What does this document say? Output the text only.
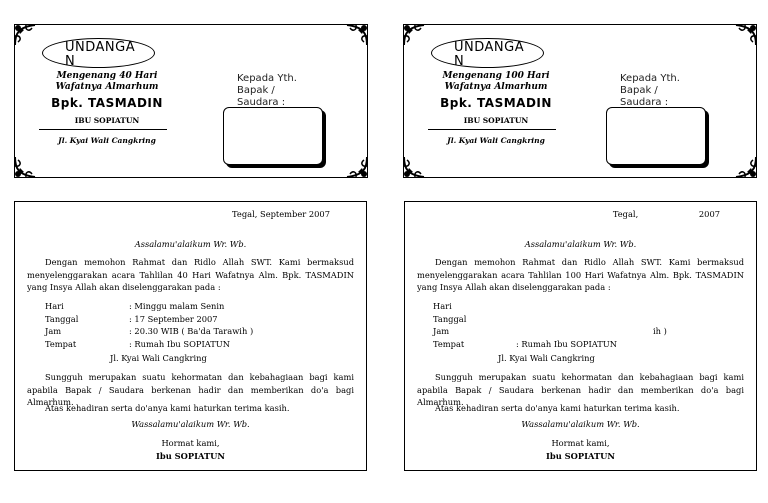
UNDANGAN
Mengenang 40 Hari
Wafatnya Almarhum
Bpk. TASMADIN
IBU SOPIATUN
Jl. Kyai Wali Cangkring
Kepada Yth.
Bapak /
Saudara :
UNDANGAN
Mengenang 100 Hari
Wafatnya Almarhum
Bpk. TASMADIN
IBU SOPIATUN
Jl. Kyai Wali Cangkring
Kepada Yth.
Bapak /
Saudara :
Tegal, September 2007
Assalamu'alaikum Wr. Wb.
Dengan memohon Rahmat dan Ridlo Allah SWT. Kami bermaksud menyelenggarakan acara Tahlilan 40 Hari Wafatnya Alm. Bpk. TASMADIN yang Insya Allah akan diselenggarakan pada :
Hari	: Minggu malam Senin
Tanggal	: 17 September 2007
Jam	: 20.30 WIB ( Ba'da Tarawih )
Tempat	: Rumah Ibu SOPIATUN
Jl. Kyai Wali Cangkring
Sungguh merupakan suatu kehormatan dan kebahagiaan bagi kami apabila Bapak / Saudara berkenan hadir dan memberikan do'a bagi Almarhum.
Atas kehadiran serta do'anya kami haturkan terima kasih.
Wassalamu'alaikum Wr. Wb.
Hormat kami,
Ibu SOPIATUN
Tegal,                       2007
Assalamu'alaikum Wr. Wb.
Dengan memohon Rahmat dan Ridlo Allah SWT. Kami bermaksud menyelenggarakan acara Tahlilan 100 Hari Wafatnya Alm. Bpk. TASMADIN yang Insya Allah akan diselenggarakan pada :
Hari
Tanggal
Jam	ih )
Tempat	: Rumah Ibu SOPIATUN
Jl. Kyai Wali Cangkring
Sungguh merupakan suatu kehormatan dan kebahagiaan bagi kami apabila Bapak / Saudara berkenan hadir dan memberikan do'a bagi Almarhum.
Atas kehadiran serta do'anya kami haturkan terima kasih.
Wassalamu'alaikum Wr. Wb.
Hormat kami,
Ibu SOPIATUN
